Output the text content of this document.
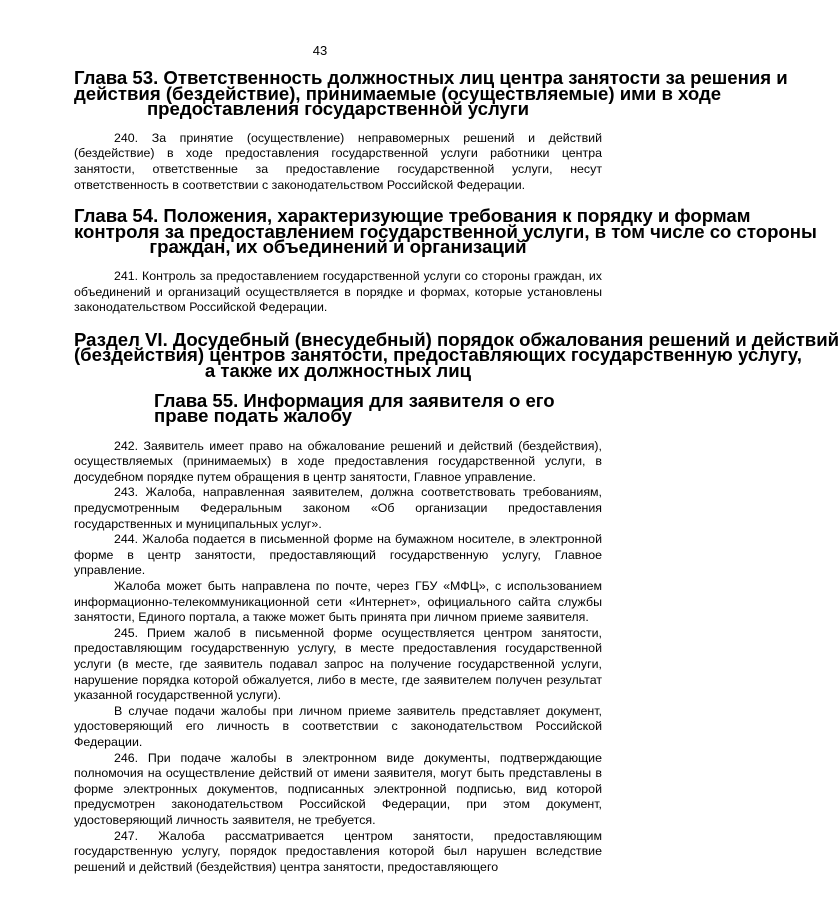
43
Глава 53. Ответственность должностных лиц центра занятости за решения и
действия (бездействие), принимаемые (осуществляемые) ими в ходе
предоставления государственной услуги

240. За принятие (осуществление) неправомерных решений и действий (бездействие) в ходе предоставления государственной услуги работники центра занятости, ответственные за предоставление государственной услуги, несут ответственность в соответствии с законодательством Российской Федерации.

Глава 54. Положения, характеризующие требования к порядку и формам
контроля за предоставлением государственной услуги, в том числе со стороны
граждан, их объединений и организаций

241. Контроль за предоставлением государственной услуги со стороны граждан, их объединений и организаций осуществляется в порядке и формах, которые установлены законодательством Российской Федерации.

Раздел VI. Досудебный (внесудебный) порядок обжалования решений и действий
(бездействия) центров занятости, предоставляющих государственную услугу,
а также их должностных лиц
Глава 55. Информация для заявителя о его праве подать жалобу

242. Заявитель имеет право на обжалование решений и действий (бездействия), осуществляемых (принимаемых) в ходе предоставления государственной услуги, в досудебном порядке путем обращения в центр занятости, Главное управление.

243. Жалоба, направленная заявителем, должна соответствовать требованиям, предусмотренным Федеральным законом «Об организации предоставления государственных и муниципальных услуг».

244. Жалоба подается в письменной форме на бумажном носителе, в электронной форме в центр занятости, предоставляющий государственную услугу, Главное управление.

Жалоба может быть направлена по почте, через ГБУ «МФЦ», с использованием информационно-телекоммуникационной сети «Интернет», официального сайта службы занятости, Единого портала, а также может быть принята при личном приеме заявителя.

245. Прием жалоб в письменной форме осуществляется центром занятости, предоставляющим государственную услугу, в месте предоставления государственной услуги (в месте, где заявитель подавал запрос на получение государственной услуги, нарушение порядка которой обжалуется, либо в месте, где заявителем получен результат указанной государственной услуги).

В случае подачи жалобы при личном приеме заявитель представляет документ, удостоверяющий его личность в соответствии с законодательством Российской Федерации.

246. При подаче жалобы в электронном виде документы, подтверждающие полномочия на осуществление действий от имени заявителя, могут быть представлены в форме электронных документов, подписанных электронной подписью, вид которой предусмотрен законодательством Российской Федерации, при этом документ, удостоверяющий личность заявителя, не требуется.

247. Жалоба рассматривается центром занятости, предоставляющим государственную услугу, порядок предоставления которой был нарушен вследствие решений и действий (бездействия) центра занятости, предоставляющего
